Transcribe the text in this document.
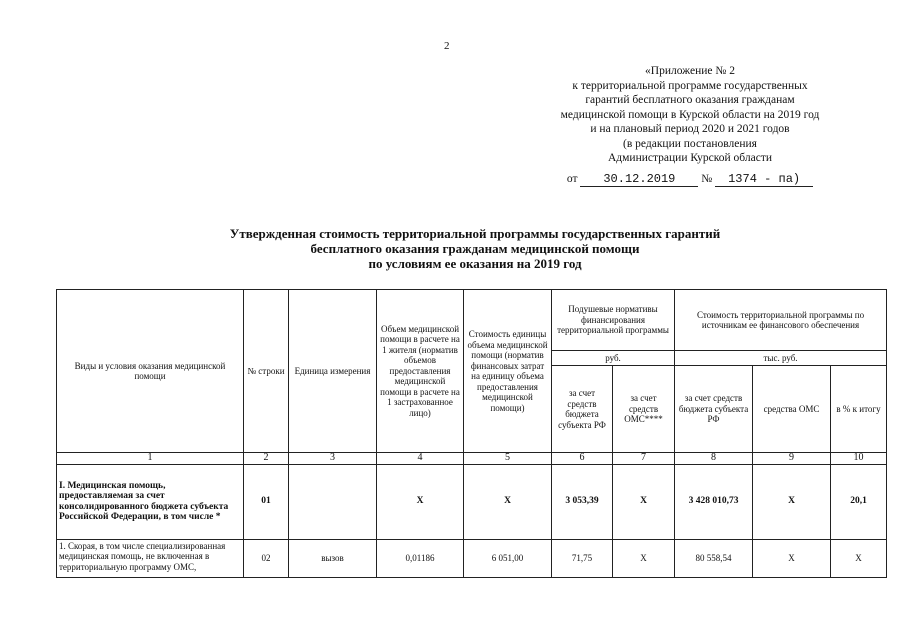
2
«Приложение № 2
к территориальной программе государственных
гарантий бесплатного оказания гражданам
медицинской помощи в Курской области на 2019 год
и на плановый период 2020 и 2021 годов
(в редакции постановления
Администрации Курской области
от 30.12.2019 № 1374 - па)
Утвержденная стоимость территориальной программы государственных гарантий
бесплатного оказания гражданам медицинской помощи
по условиям ее оказания на 2019 год
Виды и условия оказания медицинской помощи	№ строки	Единица измерения	Объем медицинской помощи в расчете на 1 жителя (норматив объемов предоставления медицинской помощи в расчете на 1 застрахованное лицо)	Стоимость единицы объема медицинской помощи (норматив финансовых затрат на единицу объема предоставления медицинской помощи)	Подушевые нормативы финансирования территориальной программы		Стоимость территориальной программы по источникам ее финансового обеспечения		
					руб.		тыс. руб.		
					за счет средств бюджета субъекта РФ	за счет средств ОМС****	за счет средств бюджета субъекта РФ	средства ОМС	в % к итогу
1	2	3	4	5	6	7	8	9	10
I. Медицинская помощь, предоставляемая за счет консолидированного бюджета субъекта Российской Федерации, в том числе *	01		X	X	3 053,39	X	3 428 010,73	X	20,1
1. Скорая, в том числе специализированная медицинская помощь, не включенная в территориальную программу ОМС,	02	вызов	0,01186	6 051,00	71,75	X	80 558,54	X	X
